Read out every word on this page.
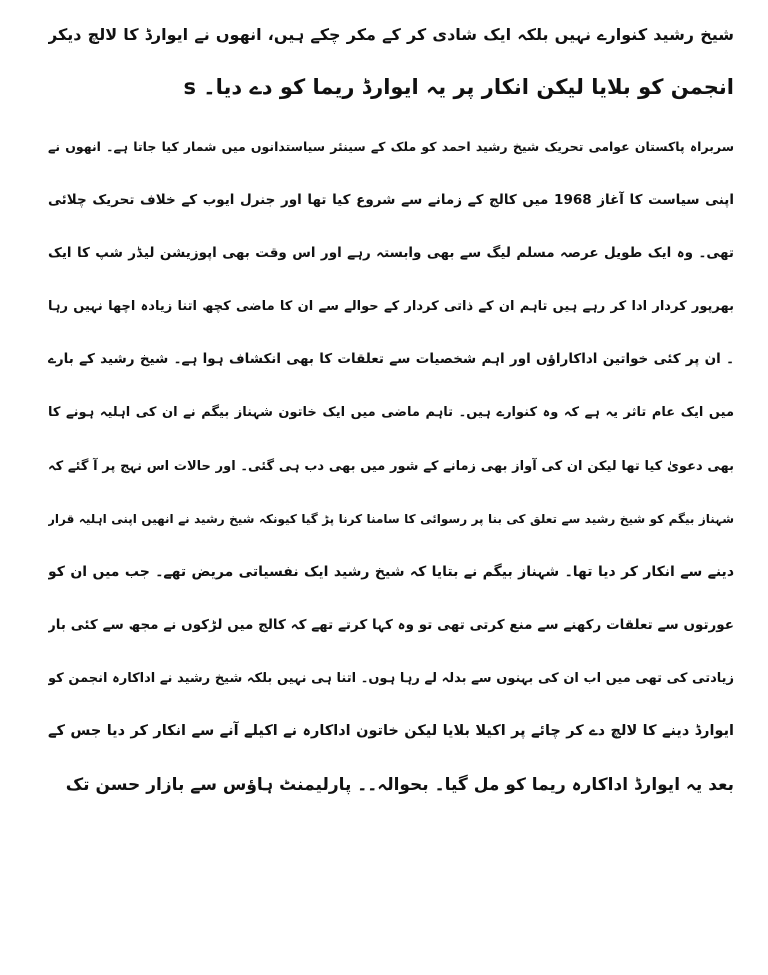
شیخ رشید کنوارے نہیں بلکہ ایک شادی کر کے مکر چکے ہیں، انھوں نے ایوارڈ کا لالچ دیکر
انجمن کو بلایا لیکن انکار پر یہ ایوارڈ ریما کو دے دیا۔ s
سربراہ پاکستان عوامی تحریک شیخ رشید احمد کو ملک کے سینئر سیاستدانوں میں شمار کیا جاتا ہے۔ انھوں نے
اپنی سیاست کا آغاز 1968 میں کالج کے زمانے سے شروع کیا تھا اور جنرل ایوب کے خلاف تحریک چلائی
تھی۔ وہ ایک طویل عرصہ مسلم لیگ سے بھی وابستہ رہے اور اس وقت بھی اپوزیشن لیڈر شپ کا ایک
بھرپور کردار ادا کر رہے ہیں تاہم ان کے ذاتی کردار کے حوالے سے ان کا ماضی کچھ اتنا زیادہ اچھا نہیں رہا
۔ ان پر کئی خواتین اداکاراؤں اور اہم شخصیات سے تعلقات کا بھی انکشاف ہوا ہے۔ شیخ رشید کے بارے
میں ایک عام تاثر یہ ہے کہ وہ کنوارے ہیں۔ تاہم ماضی میں ایک خاتون شہناز بیگم نے ان کی اہلیہ ہونے کا
بھی دعویٰ کیا تھا لیکن ان کی آواز بھی زمانے کے شور میں بھی دب ہی گئی۔ اور حالات اس نہج پر آ گئے کہ
شہناز بیگم کو شیخ رشید سے تعلق کی بنا پر رسوائی کا سامنا کرنا پڑ گیا کیونکہ شیخ رشید نے انھیں اپنی اہلیہ قرار
دینے سے انکار کر دیا تھا۔ شہناز بیگم نے بتایا کہ شیخ رشید ایک نفسیاتی مریض تھے۔ جب میں ان کو
عورتوں سے تعلقات رکھنے سے منع کرتی تھی تو وہ کہا کرتے تھے کہ کالج میں لڑکوں نے مجھ سے کئی بار
زیادتی کی تھی میں اب ان کی بہنوں سے بدلہ لے رہا ہوں۔ اتنا ہی نہیں بلکہ شیخ رشید نے اداکارہ انجمن کو
ایوارڈ دینے کا لالچ دے کر چائے پر اکیلا بلایا لیکن خاتون اداکارہ نے اکیلے آنے سے انکار کر دیا جس کے
بعد یہ ایوارڈ اداکارہ ریما کو مل گیا۔ بحوالہ۔۔ پارلیمنٹ ہاؤس سے بازار حسن تک
